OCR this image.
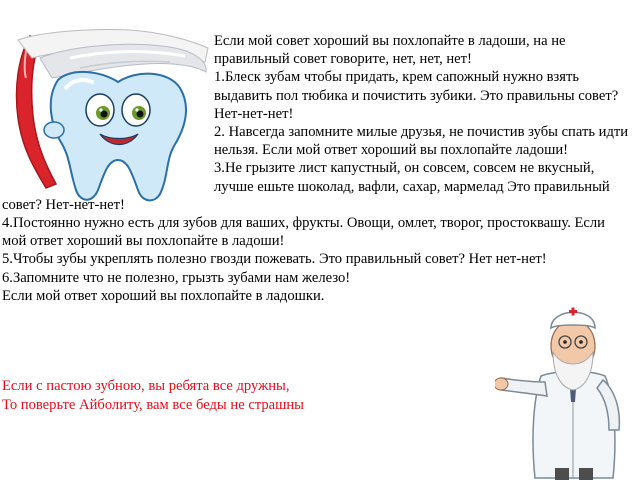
Если мой совет хороший вы похлопайте в ладоши, на не правильный совет говорите, нет, нет, нет!

1.Блеск зубам чтобы придать, крем сапожный нужно взять выдавить пол тюбика и почистить зубики. Это правильны совет? Нет-нет-нет!

2. Навсегда запомните милые друзья, не почистив зубы спать идти нельзя. Если мой ответ хороший вы похлопайте ладоши!

3.Не грызите лист капустный, он совсем, совсем не вкусный, лучше ешьте шоколад, вафли, сахар, мармелад Это правильный совет? Нет-нет-нет!

4.Постоянно нужно есть для зубов для ваших, фрукты. Овощи, омлет, творог, простоквашу. Если мой ответ хороший вы похлопайте в ладоши!

5.Чтобы зубы укреплять полезно гвозди пожевать. Это правильный совет? Нет нет-нет!

6.Запомните что не полезно, грызть зубами нам железо!

Если мой ответ хороший вы похлопайте в ладошки.

Если с пастою зубною, вы ребята все дружны,

То поверьте Айболиту, вам все беды не страшны
